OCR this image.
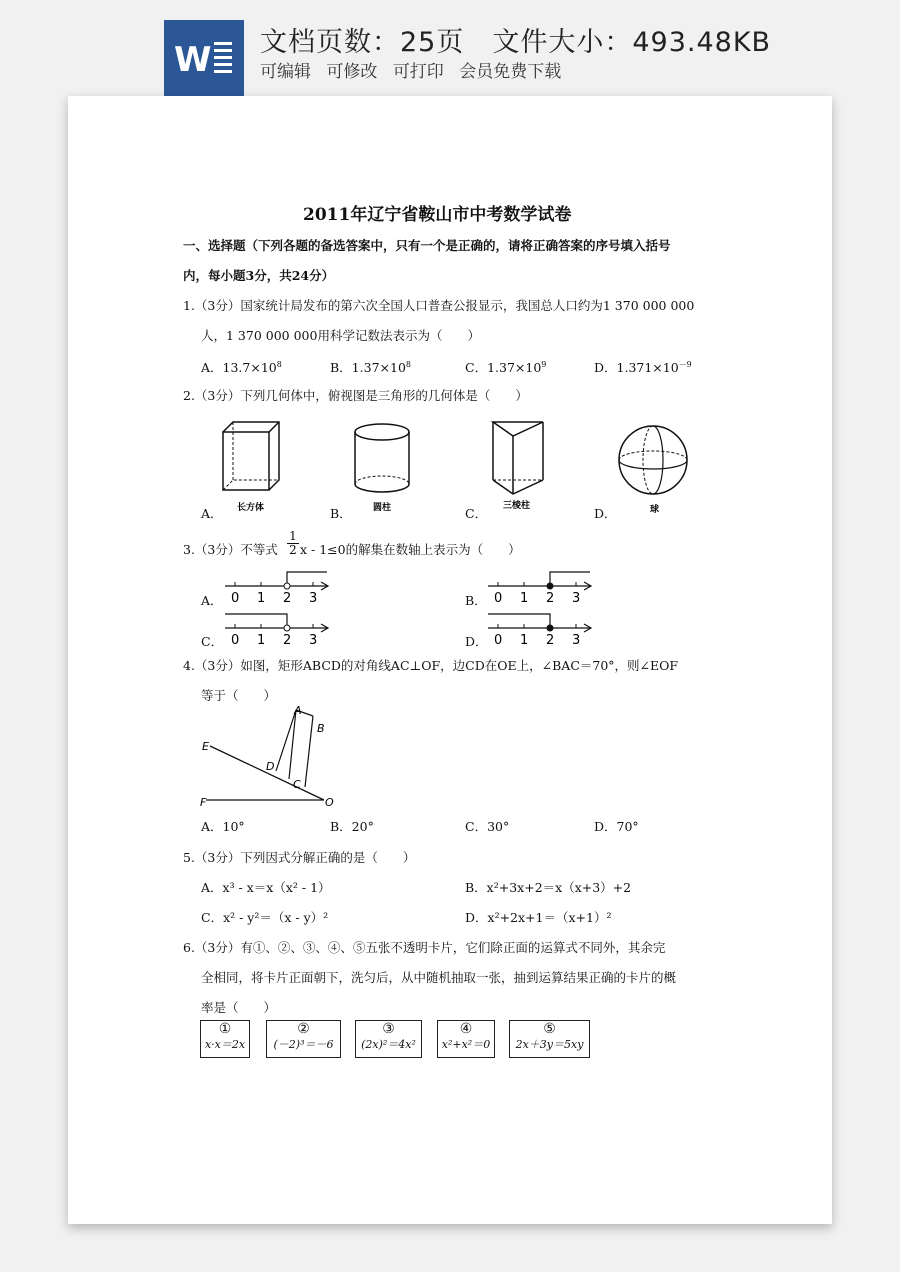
W 文档页数：25页 文件大小：493.48KB
可编辑 可修改 可打印 会员免费下载
2011年辽宁省鞍山市中考数学试卷
一、选择题（下列各题的备选答案中，只有一个是正确的，请将正确答案的序号填入括号
内，每小题3分，共24分）
1.（3分）国家统计局发布的第六次全国人口普查公报显示，我国总人口约为1 370 000 000
人，1 370 000 000用科学记数法表示为（　　）
A．$13.7\times 10^8$	B．$1.37\times 10^8$	C．$1.37\times 10^9$	D．$1.371\times 10^{-9}$
2.（3分）下列几何体中，俯视图是三角形的几何体是（　　）
长方体	圆柱	三棱柱	球
A．	B．	C．	D．
3.（3分）不等式 $\frac{1}{2}$ x - 1≤0的解集在数轴上表示为（　　）
A．	B．
C．	D．
0 1 2 3	0 1 2 3
0 1 2 3	0 1 2 3
4.（3分）如图，矩形ABCD的对角线AC⊥OF，边CD在OE上，∠BAC＝70°，则∠EOF
等于（　　）
A
B
C
D
E
F	O
A．10°	B．20°	C．30°	D．70°
5.（3分）下列因式分解正确的是（　　）
A．x³ - x＝x（x² - 1）	B．x²+3x+2＝x（x+3）+2
C．x² - y²＝（x - y）²	D．x²+2x+1＝（x+1）²
6.（3分）有①、②、③、④、⑤五张不透明卡片，它们除正面的运算式不同外，其余完
全相同，将卡片正面朝下，洗匀后，从中随机抽取一张，抽到运算结果正确的卡片的概
率是（　　）
①
x·x＝2x
②
(－2)³＝－6
③
(2x)²＝4x²
④
x²+x²＝0
⑤
2x＋3y＝5xy
